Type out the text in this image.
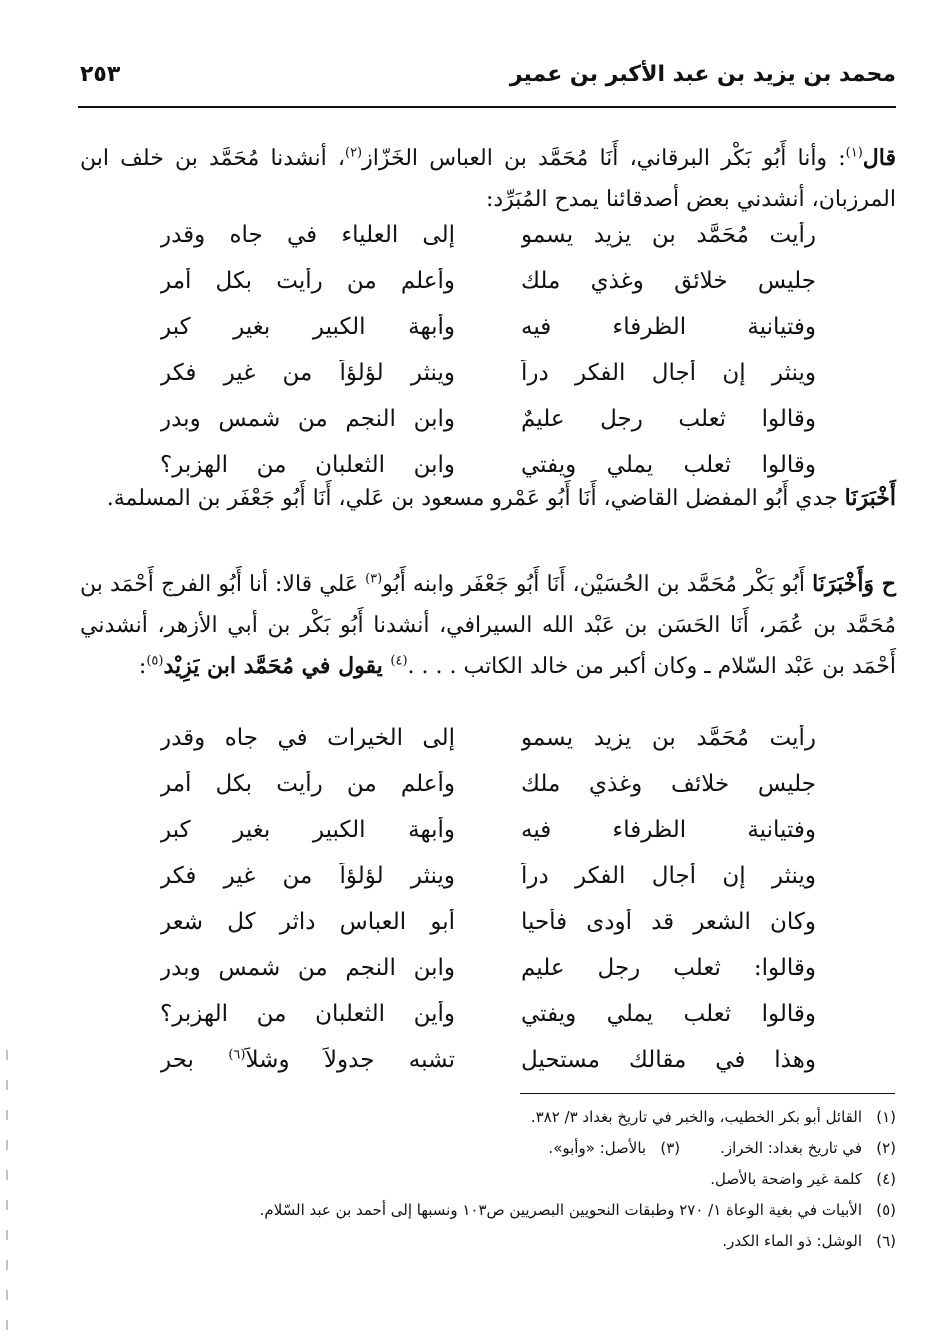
محمد بن يزيد بن عبد الأكبر بن عمير
٢٥٣
قال$^{(١)}$: وأنا أَبُو بَكْر البرقاني، أَنَا مُحَمَّد بن العباس الخَزّاز$^{(٢)}$، أنشدنا مُحَمَّد بن خلف ابن المرزبان، أنشدني بعض أصدقائنا يمدح المُبَرِّد:
رأيت مُحَمَّد بن يزيد يسمو
إلى العلياء في جاه وقدرِ
جليس خلائق وغذي ملك
وأعلم من رأيت بكل أمر
وفتيانية الظرفاء فيه
وأبهة الكبير بغير كبر
وينثر إن أجال الفكر دراً
وينثر لؤلؤاً من غير فكر
وقالوا ثعلب رجل عليمٌ
وابن النجم من شمس وبدر
وقالوا ثعلب يملي ويفتي
وابن الثعلبان من الهزبر؟
أَخْبَرَنَا جدي أَبُو المفضل القاضي، أَنَا أَبُو عَمْرو مسعود بن عَلي، أَنَا أَبُو جَعْفَر بن المسلمة.
ح وَأَخْبَرَنَا أَبُو بَكْر مُحَمَّد بن الحُسَيْن، أَنَا أَبُو جَعْفَر وابنه أَبُو$^{(٣)}$ عَلي قالا: أنا أَبُو الفرج أَحْمَد بن مُحَمَّد بن عُمَر، أَنَا الحَسَن بن عَبْد الله السيرافي، أنشدنا أَبُو بَكْر بن أبي الأزهر، أنشدني أَحْمَد بن عَبْد السّلام ـ وكان أكبر من خالد الكاتب . . . .$^{(٤)}$ يقول في مُحَمَّد ابن يَزِيْد$^{(٥)}$:
رأيت مُحَمَّد بن يزيد يسمو
إلى الخيرات في جاه وقدر
جليس خلائف وغذي ملك
وأعلم من رأيت بكل أمر
وفتيانية الظرفاء فيه
وأبهة الكبير بغير كبر
وينثر إن أجال الفكر دراً
وينثر لؤلؤاً من غير فكر
وكان الشعر قد أودى فأحيا
أبو العباس داثر كل شعر
وقالوا: ثعلب رجل عليم
وابن النجم من شمسٍ وبدر
وقالوا ثعلب يملي ويفتي
وأين الثعلبان من الهزبر؟
وهذا في مقالك مستحيل
تشبه جدولاً وشلاً$^{(٦)}$ بحر
(١)القائل أبو بكر الخطيب، والخبر في تاريخ بغداد ٣/ ٣٨٢.
(٢)في تاريخ بغداد: الخراز.(٣)بالأصل: «وأبو».
(٤)كلمة غير واضحة بالأصل.
(٥)الأبيات في بغية الوعاة ١/ ٢٧٠ وطبقات النحويين البصريين ص١٠٣ ونسبها إلى أحمد بن عبد السّلام.
(٦)الوشل: ذو الماء الكدر.
